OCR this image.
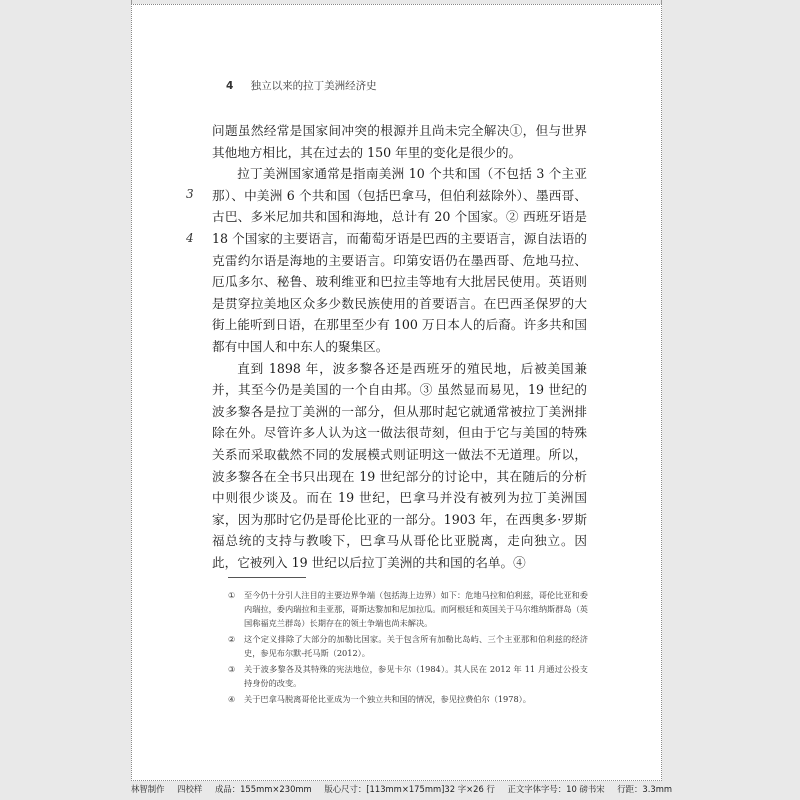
4 独立以来的拉丁美洲经济史
3
4

问题虽然经常是国家间冲突的根源并且尚未完全解决①，但与世界其他地方相比，其在过去的 150 年里的变化是很少的。

拉丁美洲国家通常是指南美洲 10 个共和国（不包括 3 个主亚那）、中美洲 6 个共和国（包括巴拿马，但伯利兹除外）、墨西哥、古巴、多米尼加共和国和海地，总计有 20 个国家。② 西班牙语是 18 个国家的主要语言，而葡萄牙语是巴西的主要语言，源自法语的克雷约尔语是海地的主要语言。印第安语仍在墨西哥、危地马拉、厄瓜多尔、秘鲁、玻利维亚和巴拉圭等地有大批居民使用。英语则是贯穿拉美地区众多少数民族使用的首要语言。在巴西圣保罗的大街上能听到日语，在那里至少有 100 万日本人的后裔。许多共和国都有中国人和中东人的聚集区。

直到 1898 年，波多黎各还是西班牙的殖民地，后被美国兼并，其至今仍是美国的一个自由邦。③ 虽然显而易见，19 世纪的波多黎各是拉丁美洲的一部分，但从那时起它就通常被拉丁美洲排除在外。尽管许多人认为这一做法很苛刻，但由于它与美国的特殊关系而采取截然不同的发展模式则证明这一做法不无道理。所以，波多黎各在全书只出现在 19 世纪部分的讨论中，其在随后的分析中则很少谈及。而在 19 世纪，巴拿马并没有被列为拉丁美洲国家，因为那时它仍是哥伦比亚的一部分。1903 年，在西奥多·罗斯福总统的支持与教唆下，巴拿马从哥伦比亚脱离，走向独立。因此，它被列入 19 世纪以后拉丁美洲的共和国的名单。④

①	至今仍十分引人注目的主要边界争端（包括海上边界）如下：危地马拉和伯利兹，哥伦比亚和委内瑞拉，委内瑞拉和圭亚那，哥斯达黎加和尼加拉瓜。而阿根廷和英国关于马尔维纳斯群岛（英国称福克兰群岛）长期存在的领土争端也尚未解决。
②	这个定义排除了大部分的加勒比国家。关于包含所有加勒比岛屿、三个主亚那和伯利兹的经济史，参见布尔默-托马斯（2012）。
③	关于波多黎各及其特殊的宪法地位，参见卡尔（1984）。其人民在 2012 年 11 月通过公投支持身份的改变。
④	关于巴拿马脱离哥伦比亚成为一个独立共和国的情况，参见拉费伯尔（1978）。
林智制作 四校样 成品：155mm×230mm 版心尺寸：[113mm×175mm]32 字×26 行 正文字体字号：10 磅书宋 行距：3.3mm
